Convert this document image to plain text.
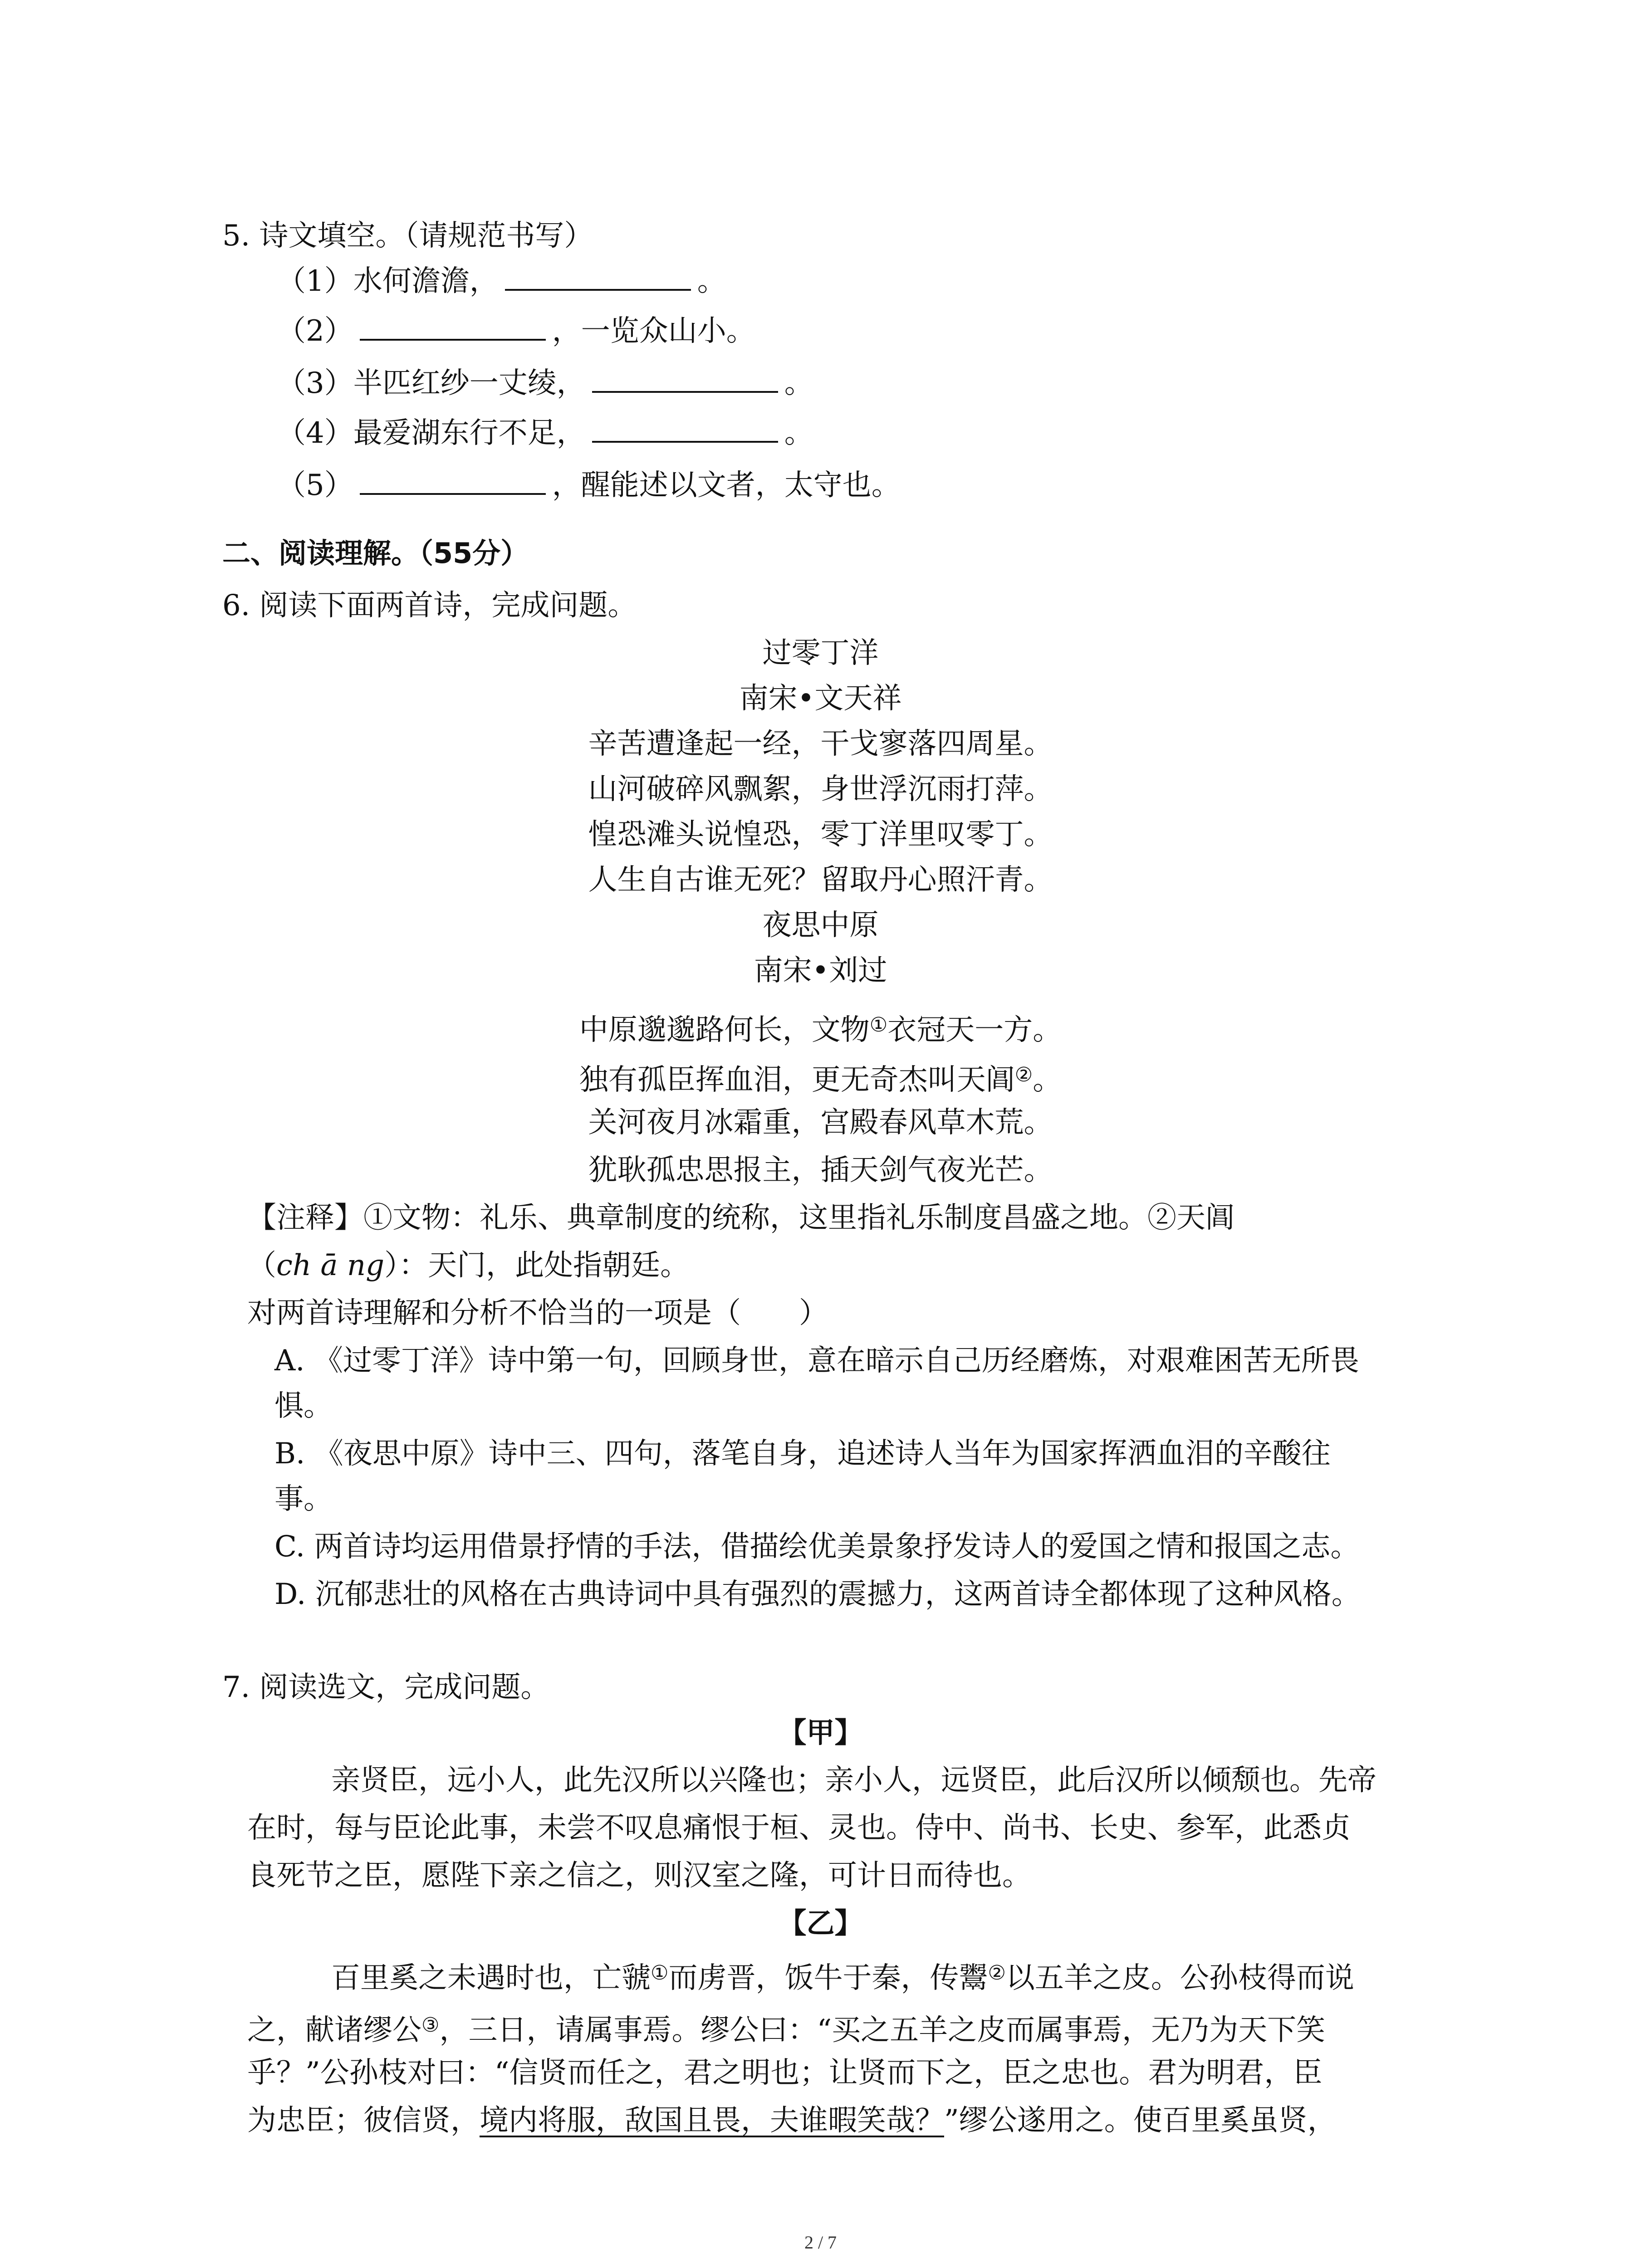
5. 诗文填空。（请规范书写）
（1）水何澹澹，	。
（2）	，一览众山小。
（3）半匹红纱一丈绫，	。
（4）最爱湖东行不足，	。
（5）	，醒能述以文者，太守也。
二、阅读理解。（55分）
6. 阅读下面两首诗，完成问题。
过零丁洋
南宋•文天祥
辛苦遭逢起一经，干戈寥落四周星。
山河破碎风飘絮，身世浮沉雨打萍。
惶恐滩头说惶恐，零丁洋里叹零丁。
人生自古谁无死？留取丹心照汗青。
夜思中原
南宋•刘过
中原邈邈路何长，文物①衣冠天一方。
独有孤臣挥血泪，更无奇杰叫天阊②。
关河夜月冰霜重，宫殿春风草木荒。
犹耿孤忠思报主，插天剑气夜光芒。
【注释】①文物：礼乐、典章制度的统称，这里指礼乐制度昌盛之地。②天阊
（ch ā ng）：天门，此处指朝廷。
对两首诗理解和分析不恰当的一项是（　　）
A. 《过零丁洋》诗中第一句，回顾身世，意在暗示自己历经磨炼，对艰难困苦无所畏
惧。
B. 《夜思中原》诗中三、四句，落笔自身，追述诗人当年为国家挥洒血泪的辛酸往
事。
C. 两首诗均运用借景抒情的手法，借描绘优美景象抒发诗人的爱国之情和报国之志。
D. 沉郁悲壮的风格在古典诗词中具有强烈的震撼力，这两首诗全都体现了这种风格。
7. 阅读选文，完成问题。
【甲】
亲贤臣，远小人，此先汉所以兴隆也；亲小人，远贤臣，此后汉所以倾颓也。先帝
在时，每与臣论此事，未尝不叹息痛恨于桓、灵也。侍中、尚书、长史、参军，此悉贞
良死节之臣，愿陛下亲之信之，则汉室之隆，可计日而待也。
【乙】
百里奚之未遇时也，亡虢①而虏晋，饭牛于秦，传鬻②以五羊之皮。公孙枝得而说
之，献诸缪公③，三日，请属事焉。缪公曰：“买之五羊之皮而属事焉，无乃为天下笑
乎？”公孙枝对曰：“信贤而任之，君之明也；让贤而下之，臣之忠也。君为明君，臣
为忠臣；彼信贤，境内将服，敌国且畏，夫谁暇笑哉？”缪公遂用之。使百里奚虽贤，
2 / 7
